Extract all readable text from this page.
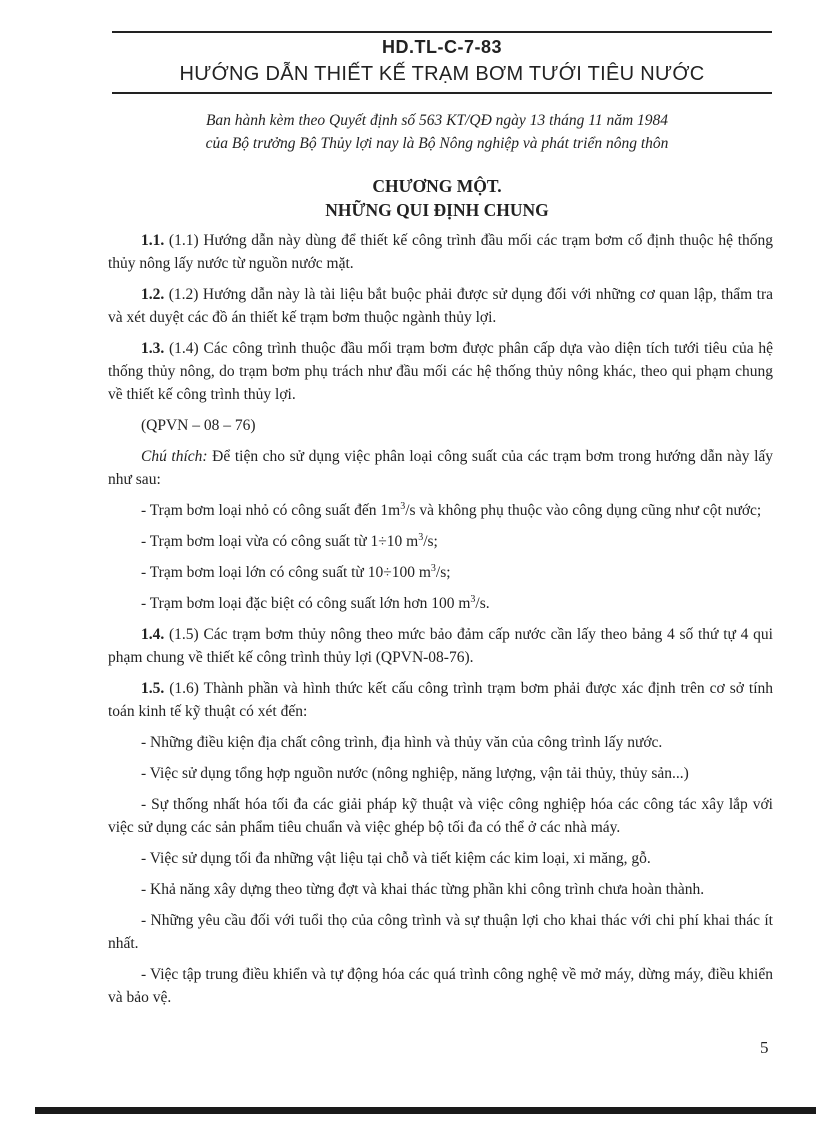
HD.TL-C-7-83
HƯỚNG DẪN THIẾT KẾ TRẠM BƠM TƯỚI TIÊU NƯỚC
Ban hành kèm theo Quyết định số 563 KT/QĐ ngày 13 tháng 11 năm 1984
của Bộ trưởng Bộ Thủy lợi nay là Bộ Nông nghiệp và phát triển nông thôn
CHƯƠNG MỘT.
NHỮNG QUI ĐỊNH CHUNG

1.1. (1.1) Hướng dẫn này dùng để thiết kế công trình đầu mối các trạm bơm cố định thuộc hệ thống thủy nông lấy nước từ nguồn nước mặt.

1.2. (1.2) Hướng dẫn này là tài liệu bắt buộc phải được sử dụng đối với những cơ quan lập, thẩm tra và xét duyệt các đồ án thiết kế trạm bơm thuộc ngành thủy lợi.

1.3. (1.4) Các công trình thuộc đầu mối trạm bơm được phân cấp dựa vào diện tích tưới tiêu của hệ thống thủy nông, do trạm bơm phụ trách như đầu mối các hệ thống thủy nông khác, theo qui phạm chung về thiết kế công trình thủy lợi.

(QPVN – 08 – 76)

Chú thích: Để tiện cho sử dụng việc phân loại công suất của các trạm bơm trong hướng dẫn này lấy như sau:

- Trạm bơm loại nhỏ có công suất đến $1m^3/s$ và không phụ thuộc vào công dụng cũng như cột nước;

- Trạm bơm loại vừa có công suất từ 1÷10 $m^3/s$;

- Trạm bơm loại lớn có công suất từ 10÷100 $m^3/s$;

- Trạm bơm loại đặc biệt có công suất lớn hơn 100 $m^3/s$.

1.4. (1.5) Các trạm bơm thủy nông theo mức bảo đảm cấp nước cần lấy theo bảng 4 số thứ tự 4 qui phạm chung về thiết kế công trình thủy lợi (QPVN-08-76).

1.5. (1.6) Thành phần và hình thức kết cấu công trình trạm bơm phải được xác định trên cơ sở tính toán kinh tế kỹ thuật có xét đến:

- Những điều kiện địa chất công trình, địa hình và thủy văn của công trình lấy nước.

- Việc sử dụng tổng hợp nguồn nước (nông nghiệp, năng lượng, vận tải thủy, thủy sản...)

- Sự thống nhất hóa tối đa các giải pháp kỹ thuật và việc công nghiệp hóa các công tác xây lắp với việc sử dụng các sản phẩm tiêu chuẩn và việc ghép bộ tối đa có thể ở các nhà máy.

- Việc sử dụng tối đa những vật liệu tại chỗ và tiết kiệm các kim loại, xi măng, gỗ.

- Khả năng xây dựng theo từng đợt và khai thác từng phần khi công trình chưa hoàn thành.

- Những yêu cầu đối với tuổi thọ của công trình và sự thuận lợi cho khai thác với chi phí khai thác ít nhất.

- Việc tập trung điều khiển và tự động hóa các quá trình công nghệ về mở máy, dừng máy, điều khiển và bảo vệ.

5
